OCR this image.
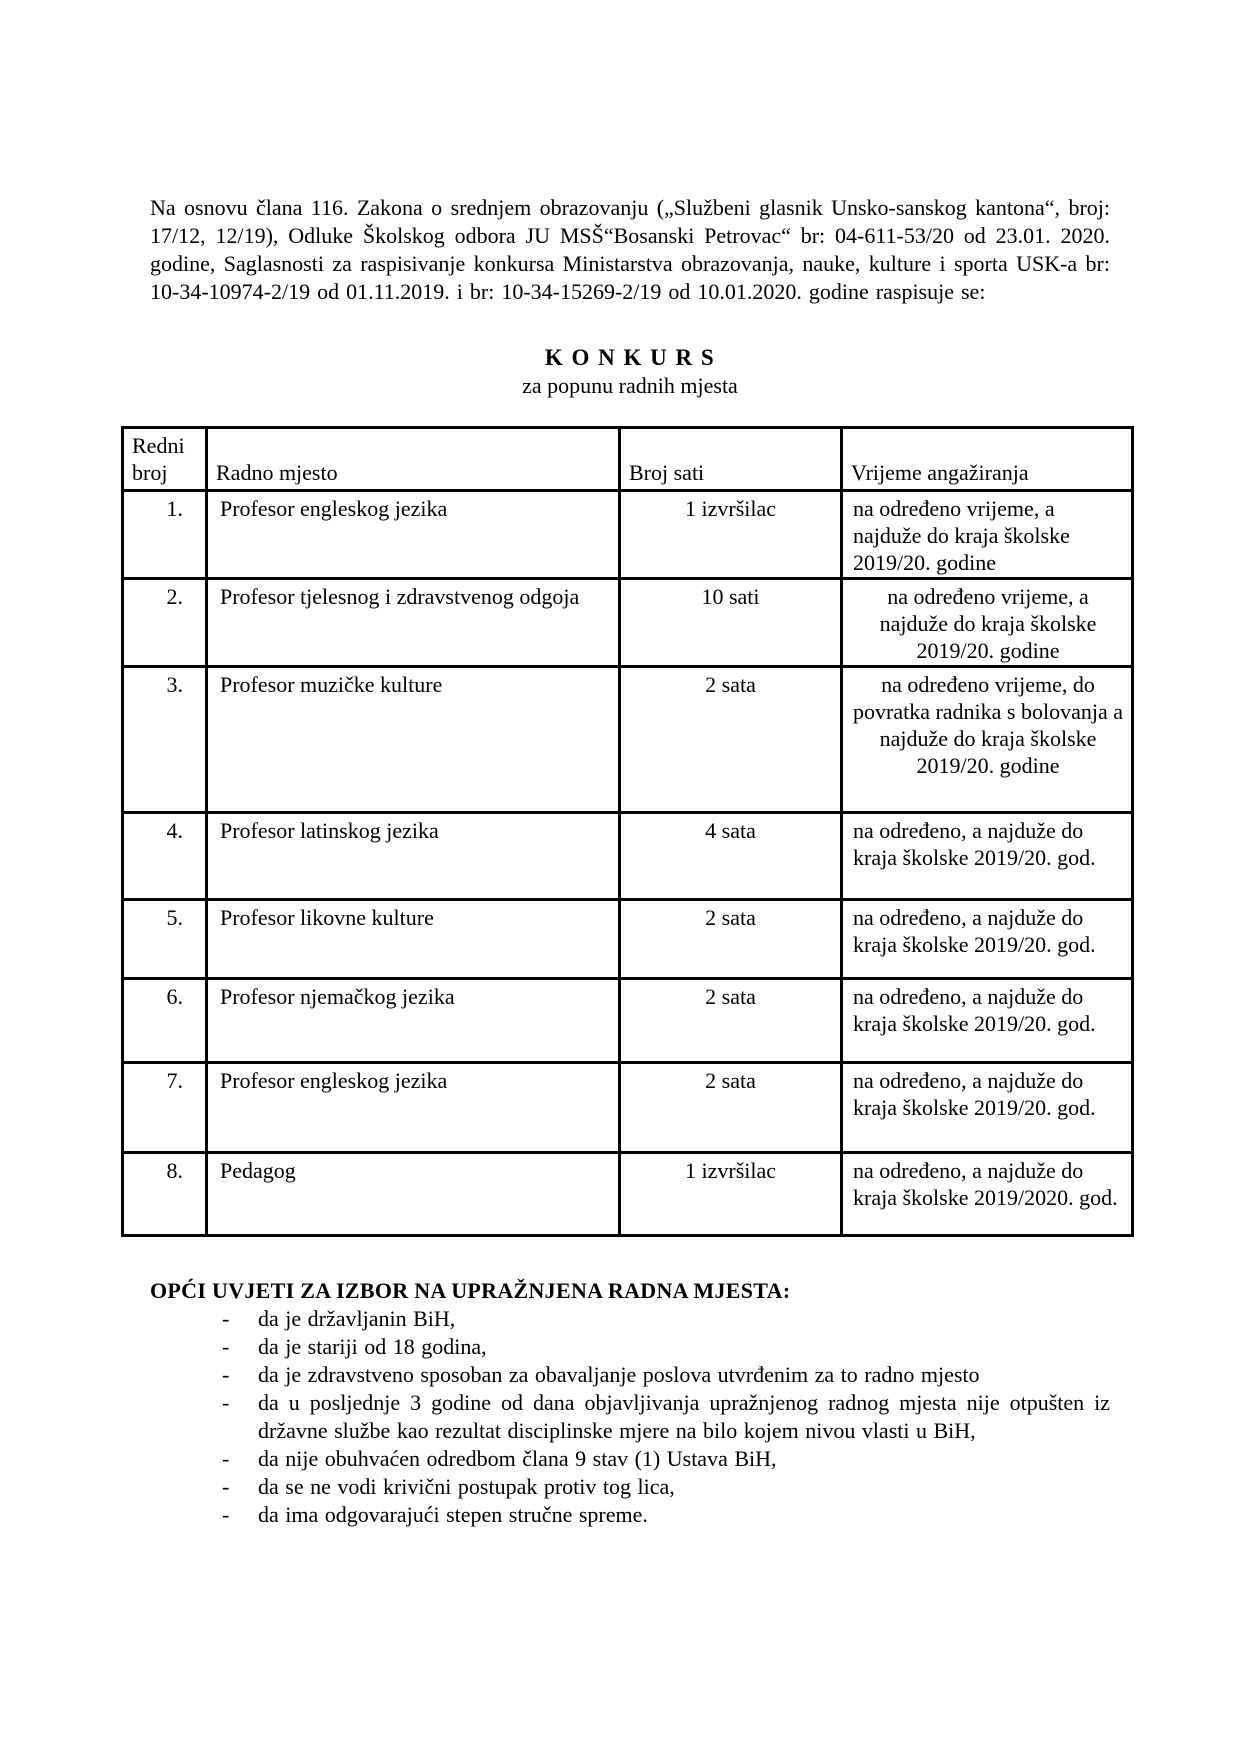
Na osnovu člana 116. Zakona o srednjem obrazovanju („Službeni glasnik Unsko-sanskog kantona“, broj: 17/12, 12/19), Odluke Školskog odbora JU MSŠ“Bosanski Petrovac“ br: 04-611-53/20 od 23.01. 2020. godine, Saglasnosti za raspisivanje konkursa Ministarstva obrazovanja, nauke, kulture i sporta USK-a br: 10-34-10974-2/19 od 01.11.2019. i br: 10-34-15269-2/19 od 10.01.2020. godine raspisuje se:

K O N K U R S
za popunu radnih mjesta
Redni broj	Radno mjesto	Broj sati	Vrijeme angažiranja
1.	Profesor engleskog jezika	1 izvršilac	na određeno vrijeme, a najduže do kraja školske 2019/20. godine
2.	Profesor tjelesnog i zdravstvenog odgoja	10 sati	na određeno vrijeme, a najduže do kraja školske 2019/20. godine
3.	Profesor muzičke kulture	2 sata	na određeno vrijeme, do povratka radnika s bolovanja a najduže do kraja školske 2019/20. godine
4.	Profesor latinskog jezika	4 sata	na određeno, a najduže do kraja školske 2019/20. god.
5.	Profesor likovne kulture	2 sata	na određeno, a najduže do kraja školske 2019/20. god.
6.	Profesor njemačkog jezika	2 sata	na određeno, a najduže do kraja školske 2019/20. god.
7.	Profesor engleskog jezika	2 sata	na određeno, a najduže do kraja školske 2019/20. god.
8.	Pedagog	1 izvršilac	na određeno, a najduže do kraja školske 2019/2020. god.
OPĆI UVJETI ZA IZBOR NA UPRAŽNJENA RADNA MJESTA:
-	da je državljanin BiH,
-	da je stariji od 18 godina,
-	da je zdravstveno sposoban za obavaljanje poslova utvrđenim za to radno mjesto
-	da u posljednje 3 godine od dana objavljivanja upražnjenog radnog mjesta nije otpušten iz državne službe kao rezultat disciplinske mjere na bilo kojem nivou vlasti u BiH,
-	da nije obuhvaćen odredbom člana 9 stav (1) Ustava BiH,
-	da se ne vodi krivični postupak protiv tog lica,
-	da ima odgovarajući stepen stručne spreme.
